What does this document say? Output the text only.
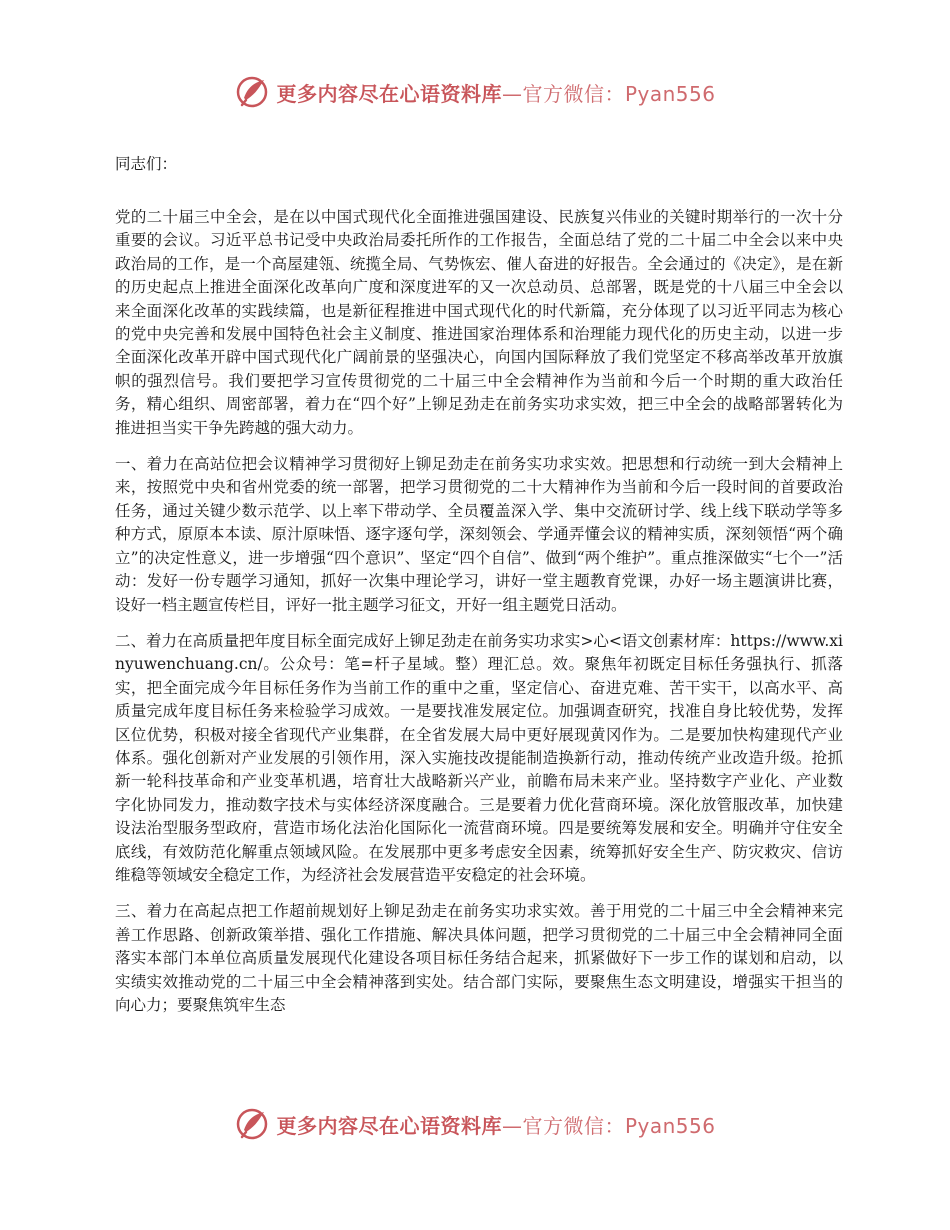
更多内容尽在心语资料库—官方微信：Pyan556

同志们：

党的二十届三中全会，是在以中国式现代化全面推进强国建设、民族复兴伟业的关键时期举行的一次十分重要的会议。习近平总书记受中央政治局委托所作的工作报告，全面总结了党的二十届二中全会以来中央政治局的工作，是一个高屋建瓴、统揽全局、气势恢宏、催人奋进的好报告。全会通过的《决定》，是在新的历史起点上推进全面深化改革向广度和深度进军的又一次总动员、总部署，既是党的十八届三中全会以来全面深化改革的实践续篇，也是新征程推进中国式现代化的时代新篇，充分体现了以习近平同志为核心的党中央完善和发展中国特色社会主义制度、推进国家治理体系和治理能力现代化的历史主动，以进一步全面深化改革开辟中国式现代化广阔前景的坚强决心，向国内国际释放了我们党坚定不移高举改革开放旗帜的强烈信号。我们要把学习宣传贯彻党的二十届三中全会精神作为当前和今后一个时期的重大政治任务，精心组织、周密部署，着力在“四个好”上铆足劲走在前务实功求实效，把三中全会的战略部署转化为推进担当实干争先跨越的强大动力。

一、着力在高站位把会议精神学习贯彻好上铆足劲走在前务实功求实效。把思想和行动统一到大会精神上来，按照党中央和省州党委的统一部署，把学习贯彻党的二十大精神作为当前和今后一段时间的首要政治任务，通过关键少数示范学、以上率下带动学、全员覆盖深入学、集中交流研讨学、线上线下联动学等多种方式，原原本本读、原汁原味悟、逐字逐句学，深刻领会、学通弄懂会议的精神实质，深刻领悟“两个确立”的决定性意义，进一步增强“四个意识”、坚定“四个自信”、做到“两个维护”。重点推深做实“七个一”活动：发好一份专题学习通知，抓好一次集中理论学习，讲好一堂主题教育党课，办好一场主题演讲比赛，设好一档主题宣传栏目，评好一批主题学习征文，开好一组主题党日活动。

二、着力在高质量把年度目标全面完成好上铆足劲走在前务实功求实>心<语文创素材库：https://www.xinyuwenchuang.cn/。公众号：笔=杆子星域。整）理汇总。效。聚焦年初既定目标任务强执行、抓落实，把全面完成今年目标任务作为当前工作的重中之重，坚定信心、奋进克难、苦干实干，以高水平、高质量完成年度目标任务来检验学习成效。一是要找准发展定位。加强调查研究，找准自身比较优势，发挥区位优势，积极对接全省现代产业集群，在全省发展大局中更好展现黄冈作为。二是要加快构建现代产业体系。强化创新对产业发展的引领作用，深入实施技改提能制造换新行动，推动传统产业改造升级。抢抓新一轮科技革命和产业变革机遇，培育壮大战略新兴产业，前瞻布局未来产业。坚持数字产业化、产业数字化协同发力，推动数字技术与实体经济深度融合。三是要着力优化营商环境。深化放管服改革，加快建设法治型服务型政府，营造市场化法治化国际化一流营商环境。四是要统筹发展和安全。明确并守住安全底线，有效防范化解重点领域风险。在发展那中更多考虑安全因素，统筹抓好安全生产、防灾救灾、信访维稳等领域安全稳定工作，为经济社会发展营造平安稳定的社会环境。

三、着力在高起点把工作超前规划好上铆足劲走在前务实功求实效。善于用党的二十届三中全会精神来完善工作思路、创新政策举措、强化工作措施、解决具体问题，把学习贯彻党的二十届三中全会精神同全面落实本部门本单位高质量发展现代化建设各项目标任务结合起来，抓紧做好下一步工作的谋划和启动，以实绩实效推动党的二十届三中全会精神落到实处。结合部门实际，要聚焦生态文明建设，增强实干担当的向心力；要聚焦筑牢生态

更多内容尽在心语资料库—官方微信：Pyan556
